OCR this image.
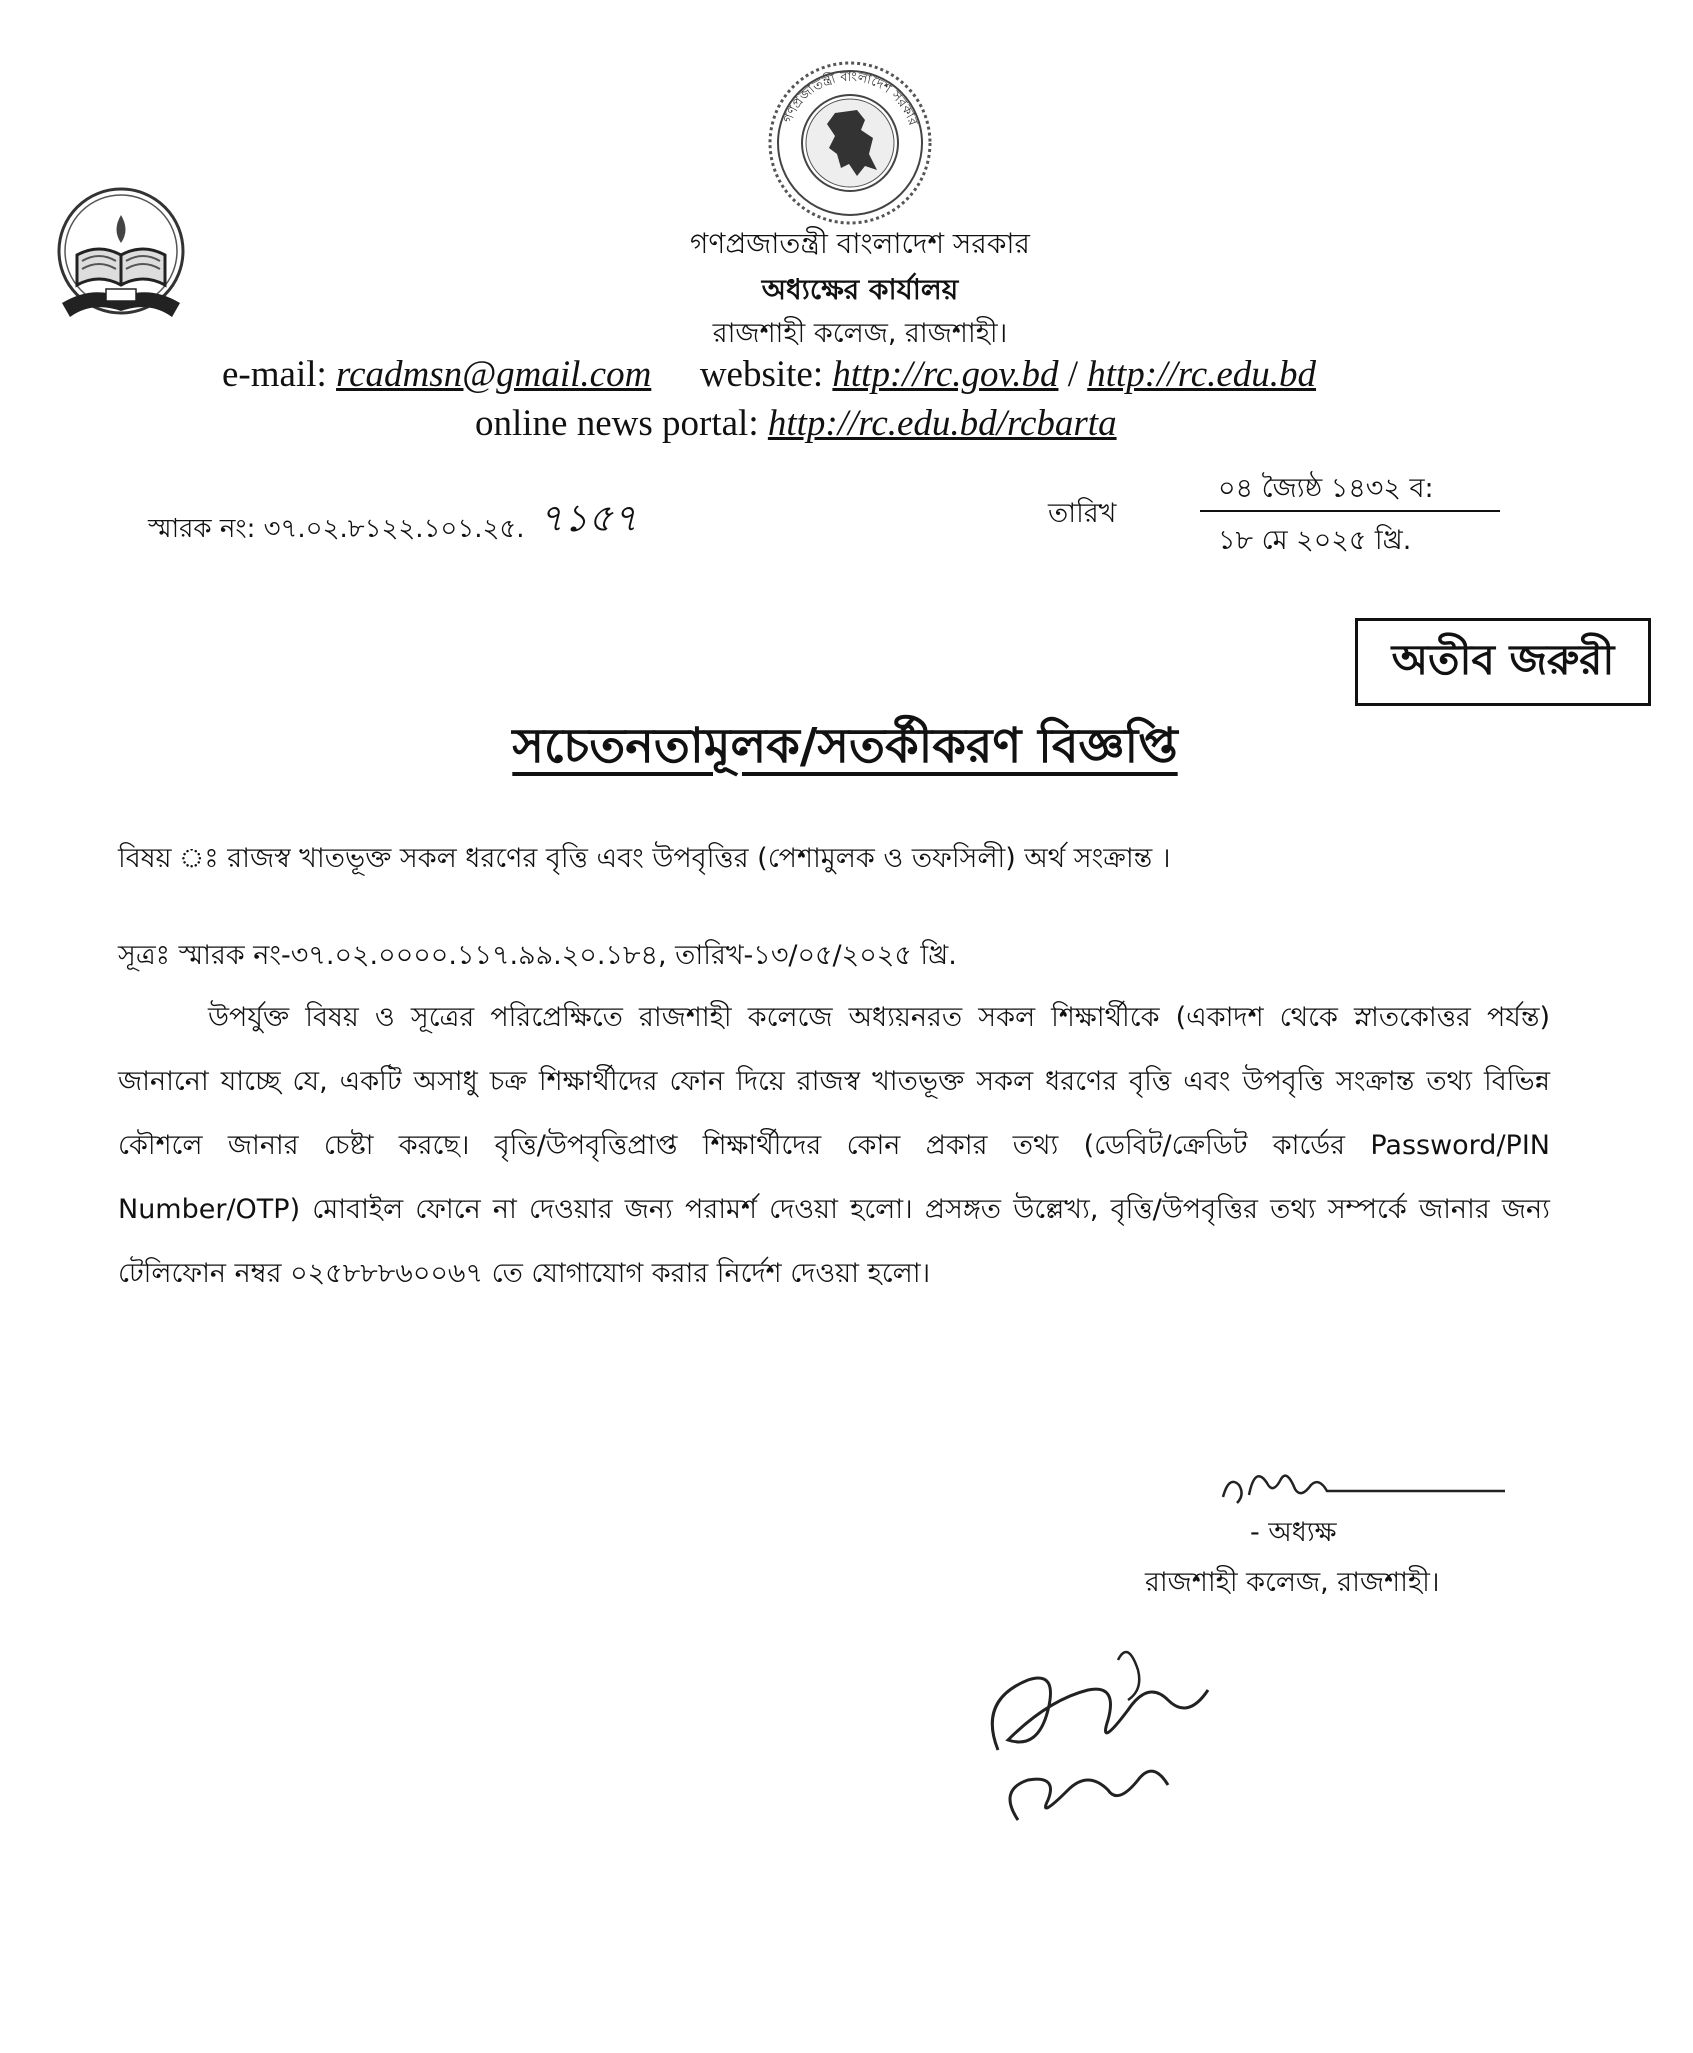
গণপ্রজাতন্ত্রী বাংলাদেশ সরকার
গণপ্রজাতন্ত্রী বাংলাদেশ সরকার
অধ্যক্ষের কার্যালয়
রাজশাহী কলেজ, রাজশাহী।
e-mail: rcadmsn@gmail.com website: http://rc.gov.bd / http://rc.edu.bd
online news portal: http://rc.edu.bd/rcbarta
স্মারক নং: ৩৭.০২.৮১২২.১০১.২৫. ৭১৫৭	তারিখ
০৪ জ্যৈষ্ঠ ১৪৩২ ব:
১৮ মে ২০২৫ খ্রি.
অতীব জরুরী
সচেতনতামূলক/সতর্কীকরণ বিজ্ঞপ্তি
বিষয় ঃ রাজস্ব খাতভূক্ত সকল ধরণের বৃত্তি এবং উপবৃত্তির (পেশামুলক ও তফসিলী) অর্থ সংক্রান্ত ।
সূত্রঃ স্মারক নং-৩৭.০২.০০০০.১১৭.৯৯.২০.১৮৪, তারিখ-১৩/০৫/২০২৫ খ্রি.
উপর্যুক্ত বিষয় ও সূত্রের পরিপ্রেক্ষিতে রাজশাহী কলেজে অধ্যয়নরত সকল শিক্ষার্থীকে (একাদশ থেকে স্নাতকোত্তর পর্যন্ত) জানানো যাচ্ছে যে, একটি অসাধু চক্র শিক্ষার্থীদের ফোন দিয়ে রাজস্ব খাতভূক্ত সকল ধরণের বৃত্তি এবং উপবৃত্তি সংক্রান্ত তথ্য বিভিন্ন কৌশলে জানার চেষ্টা করছে। বৃত্তি/উপবৃত্তিপ্রাপ্ত শিক্ষার্থীদের কোন প্রকার তথ্য (ডেবিট/ক্রেডিট কার্ডের Password/PIN Number/OTP) মোবাইল ফোনে না দেওয়ার জন্য পরামর্শ দেওয়া হলো। প্রসঙ্গত উল্লেখ্য, বৃত্তি/উপবৃত্তির তথ্য সম্পর্কে জানার জন্য টেলিফোন নম্বর ০২৫৮৮৮৬০০৬৭ তে যোগাযোগ করার নির্দেশ দেওয়া হলো।
- অধ্যক্ষ
রাজশাহী কলেজ, রাজশাহী।
